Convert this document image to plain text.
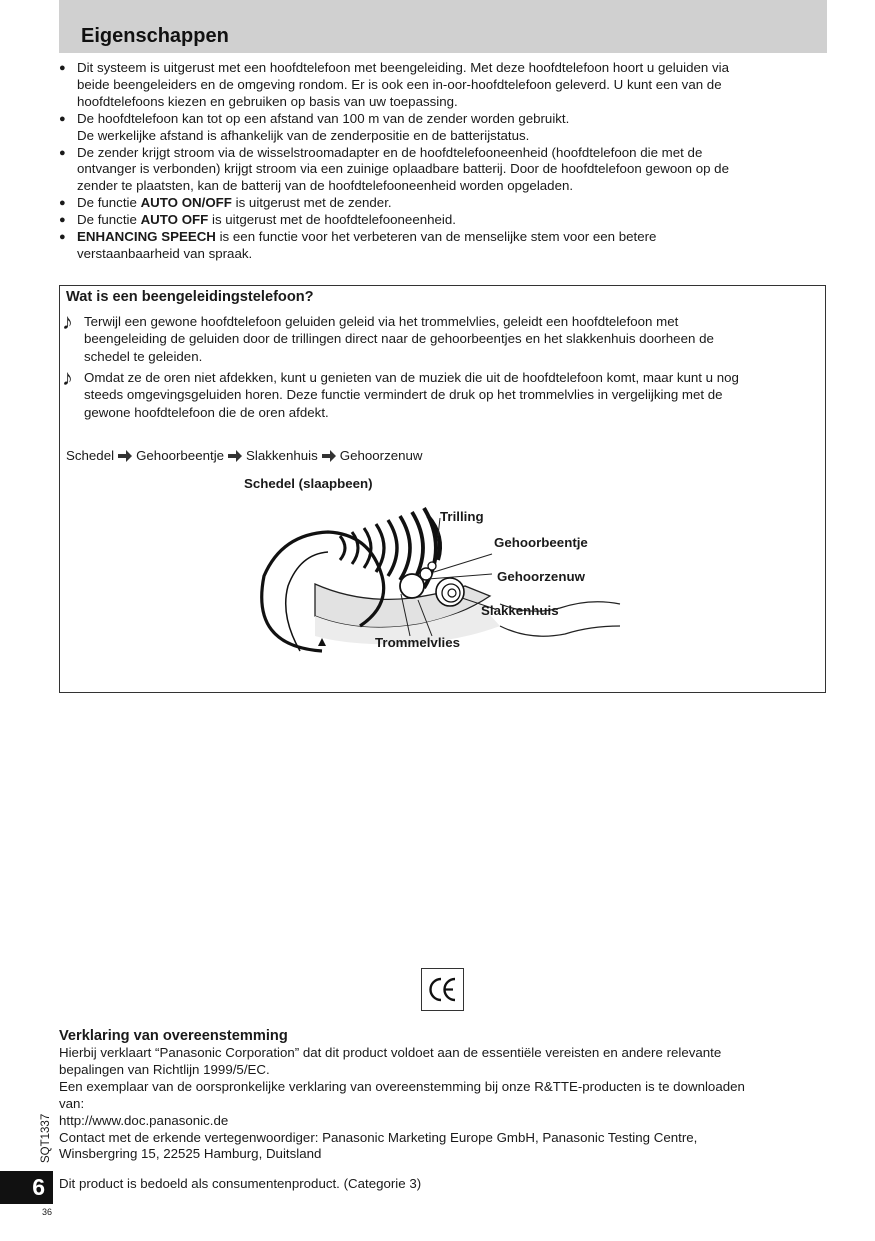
Eigenschappen
● Dit systeem is uitgerust met een hoofdtelefoon met beengeleiding. Met deze hoofdtelefoon hoort u geluiden via
beide beengeleiders en de omgeving rondom. Er is ook een in-oor-hoofdtelefoon geleverd. U kunt een van de
hoofdtelefoons kiezen en gebruiken op basis van uw toepassing.
● De hoofdtelefoon kan tot op een afstand van 100 m van de zender worden gebruikt.
De werkelijke afstand is afhankelijk van de zenderpositie en de batterijstatus.
● De zender krijgt stroom via de wisselstroomadapter en de hoofdtelefooneenheid (hoofdtelefoon die met de
ontvanger is verbonden) krijgt stroom via een zuinige oplaadbare batterij. Door de hoofdtelefoon gewoon op de
zender te plaatsten, kan de batterij van de hoofdtelefooneenheid worden opgeladen.
● De functie AUTO ON/OFF is uitgerust met de zender.
● De functie AUTO OFF is uitgerust met de hoofdtelefooneenheid.
● ENHANCING SPEECH is een functie voor het verbeteren van de menselijke stem voor een betere
verstaanbaarheid van spraak.
Wat is een beengeleidingstelefoon?
♪ Terwijl een gewone hoofdtelefoon geluiden geleid via het trommelvlies, geleidt een hoofdtelefoon met
beengeleiding de geluiden door de trillingen direct naar de gehoorbeentjes en het slakkenhuis doorheen de
schedel te geleiden.
♪ Omdat ze de oren niet afdekken, kunt u genieten van de muziek die uit de hoofdtelefoon komt, maar kunt u nog
steeds omgevingsgeluiden horen. Deze functie vermindert de druk op het trommelvlies in vergelijking met de
gewone hoofdtelefoon die de oren afdekt.
Schedel Gehoorbeentje Slakkenhuis Gehoorzenuw
Schedel (slaapbeen)
Trilling
Gehoorbeentje
Gehoorzenuw
Slakkenhuis
Trommelvlies
Verklaring van overeenstemming
Hierbij verklaart “Panasonic Corporation” dat dit product voldoet aan de essentiële vereisten en andere relevante
bepalingen van Richtlijn 1999/5/EC.
Een exemplaar van de oorspronkelijke verklaring van overeenstemming bij onze R&TTE-producten is te downloaden
van:
http://www.doc.panasonic.de
Contact met de erkende vertegenwoordiger: Panasonic Marketing Europe GmbH, Panasonic Testing Centre,
Winsbergring 15, 22525 Hamburg, Duitsland
Dit product is bedoeld als consumentenproduct. (Categorie 3)
SQT1337
6
36
